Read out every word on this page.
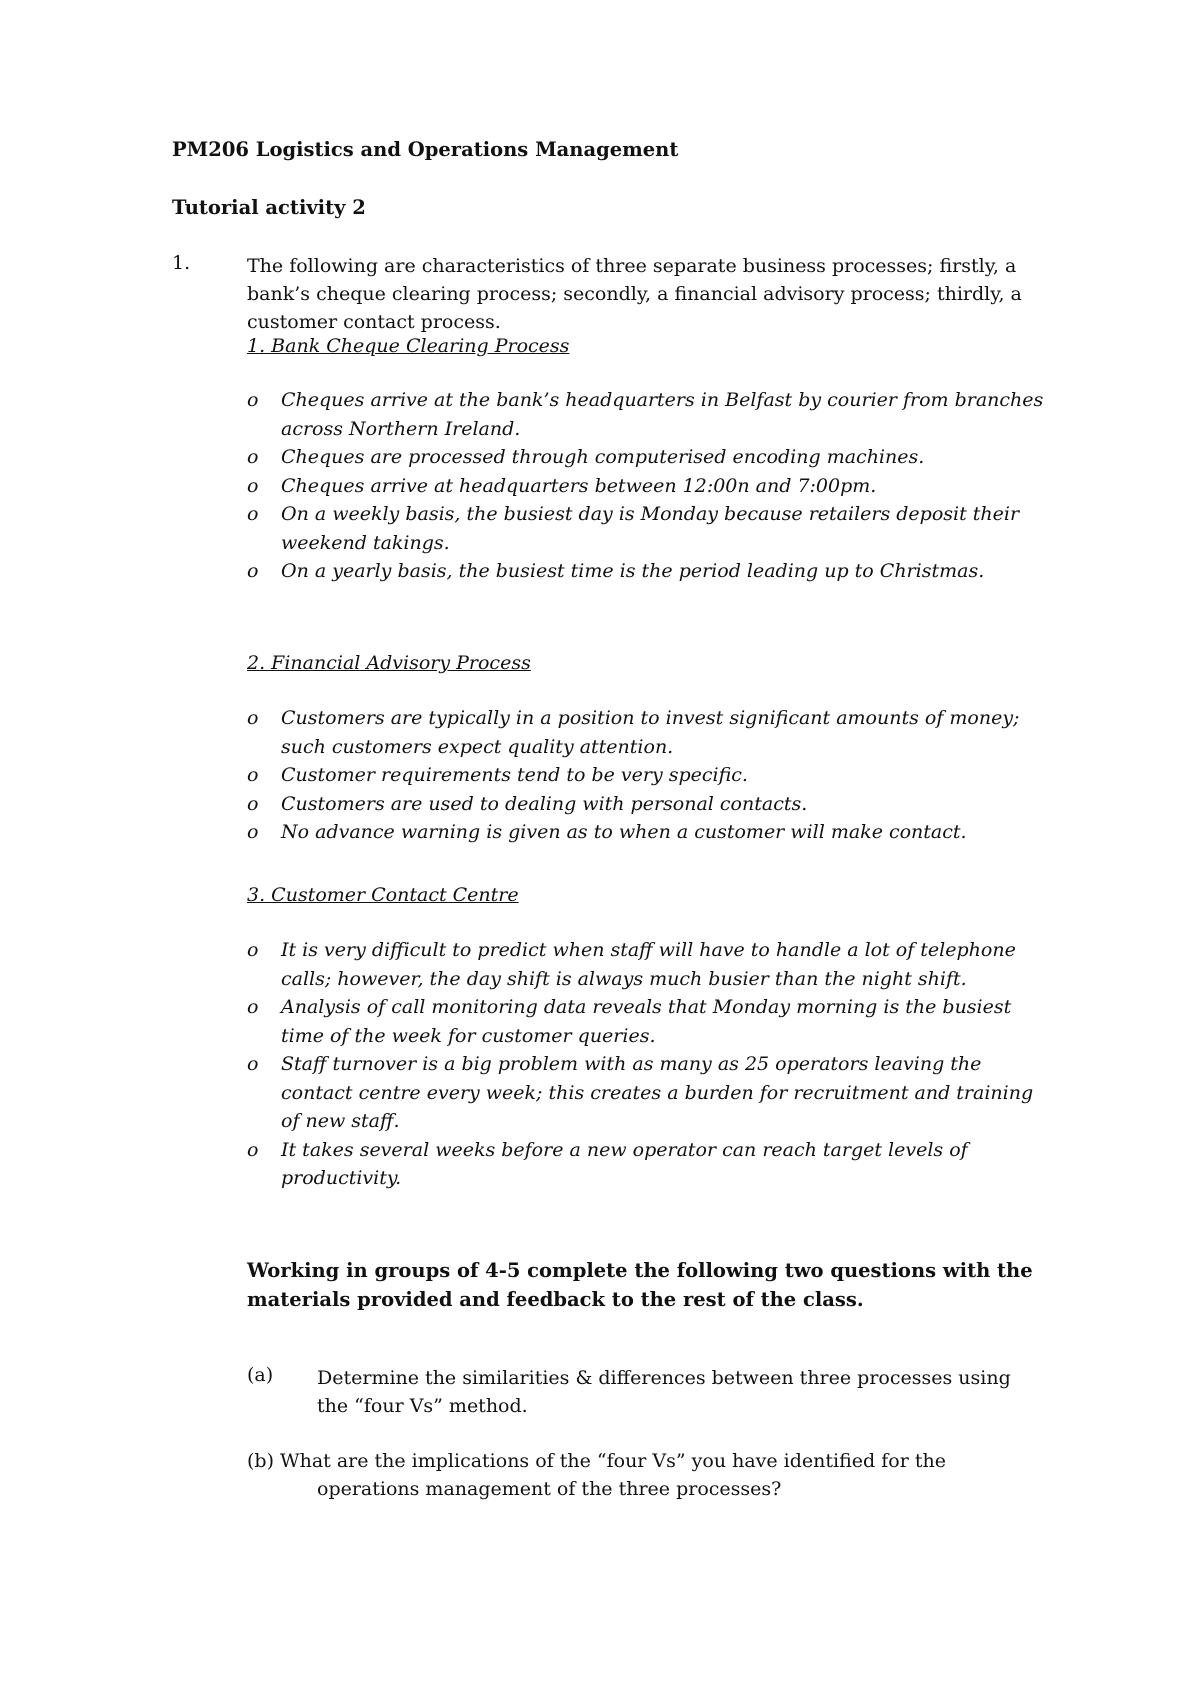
PM206 Logistics and Operations Management
Tutorial activity 2
1.	The following are characteristics of three separate business processes; firstly, a bank’s cheque clearing process; secondly, a financial advisory process; thirdly, a customer contact process.
1. Bank Cheque Clearing Process
o Cheques arrive at the bank’s headquarters in Belfast by courier from branches across Northern Ireland.
o Cheques are processed through computerised encoding machines.
o Cheques arrive at headquarters between 12:00n and 7:00pm.
o On a weekly basis, the busiest day is Monday because retailers deposit their weekend takings.
o On a yearly basis, the busiest time is the period leading up to Christmas.
2. Financial Advisory Process
o Customers are typically in a position to invest significant amounts of money; such customers expect quality attention.
o Customer requirements tend to be very specific.
o Customers are used to dealing with personal contacts.
o No advance warning is given as to when a customer will make contact.
3. Customer Contact Centre
o It is very difficult to predict when staff will have to handle a lot of telephone calls; however, the day shift is always much busier than the night shift.
o Analysis of call monitoring data reveals that Monday morning is the busiest time of the week for customer queries.
o Staff turnover is a big problem with as many as 25 operators leaving the contact centre every week; this creates a burden for recruitment and training of new staff.
o It takes several weeks before a new operator can reach target levels of productivity.
Working in groups of 4-5 complete the following two questions with the materials provided and feedback to the rest of the class.
(a) Determine the similarities & differences between three processes using the “four Vs” method.
(b) What are the implications of the “four Vs” you have identified for the
operations management of the three processes?
